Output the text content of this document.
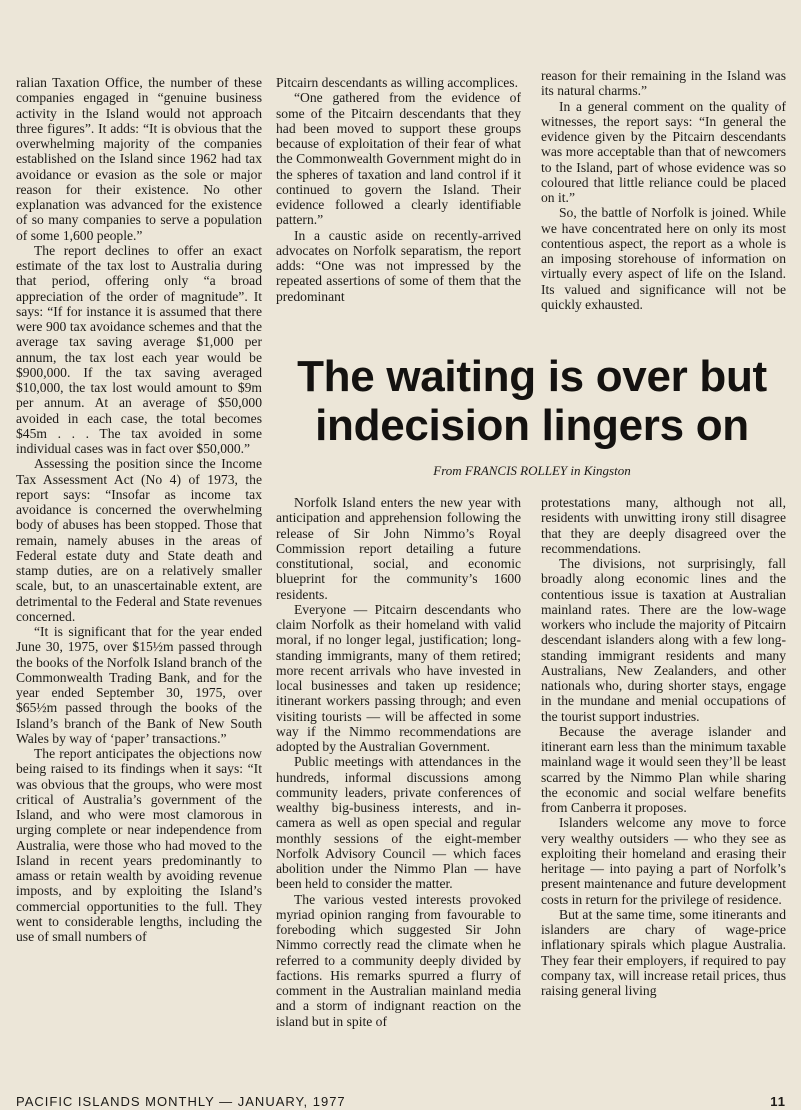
ralian Taxation Office, the number of these companies engaged in “genuine business activity in the Island would not approach three figures”. It adds: “It is obvious that the overwhelming majority of the companies established on the Island since 1962 had tax avoidance or evasion as the sole or major reason for their existence. No other explanation was advanced for the existence of so many companies to serve a population of some 1,600 people.”

The report declines to offer an exact estimate of the tax lost to Australia during that period, offering only “a broad appreciation of the order of magnitude”. It says: “If for instance it is assumed that there were 900 tax avoidance schemes and that the average tax saving average $1,000 per annum, the tax lost each year would be $900,000. If the tax saving averaged $10,000, the tax lost would amount to $9m per annum. At an average of $50,000 avoided in each case, the total becomes $45m . . . The tax avoided in some individual cases was in fact over $50,000.”

Assessing the position since the Income Tax Assessment Act (No 4) of 1973, the report says: “Insofar as income tax avoidance is concerned the overwhelming body of abuses has been stopped. Those that remain, namely abuses in the areas of Federal estate duty and State death and stamp duties, are on a relatively smaller scale, but, to an unascertainable extent, are detrimental to the Federal and State revenues concerned.

“It is significant that for the year ended June 30, 1975, over $15½m passed through the books of the Norfolk Island branch of the Commonwealth Trading Bank, and for the year ended September 30, 1975, over $65½m passed through the books of the Island’s branch of the Bank of New South Wales by way of ‘paper’ transactions.”

The report anticipates the objections now being raised to its findings when it says: “It was obvious that the groups, who were most critical of Australia’s government of the Island, and who were most clamorous in urging complete or near independence from Australia, were those who had moved to the Island in recent years predominantly to amass or retain wealth by avoiding revenue imposts, and by exploiting the Island’s commercial opportunities to the full. They went to considerable lengths, including the use of small numbers of

Pitcairn descendants as willing accomplices.

“One gathered from the evidence of some of the Pitcairn descendants that they had been moved to support these groups because of exploitation of their fear of what the Commonwealth Government might do in the spheres of taxation and land control if it continued to govern the Island. Their evidence followed a clearly identifiable pattern.”

In a caustic aside on recently-arrived advocates on Norfolk separatism, the report adds: “One was not impressed by the repeated assertions of some of them that the predominant

reason for their remaining in the Island was its natural charms.”

In a general comment on the quality of witnesses, the report says: “In general the evidence given by the Pitcairn descendants was more acceptable than that of newcomers to the Island, part of whose evidence was so coloured that little reliance could be placed on it.”

So, the battle of Norfolk is joined. While we have concentrated here on only its most contentious aspect, the report as a whole is an imposing storehouse of information on virtually every aspect of life on the Island. Its valued and significance will not be quickly exhausted.

The waiting is over but indecision lingers on

From FRANCIS ROLLEY in Kingston

Norfolk Island enters the new year with anticipation and apprehension following the release of Sir John Nimmo’s Royal Commission report detailing a future constitutional, social, and economic blueprint for the community’s 1600 residents.

Everyone — Pitcairn descendants who claim Norfolk as their homeland with valid moral, if no longer legal, justification; long-standing immigrants, many of them retired; more recent arrivals who have invested in local businesses and taken up residence; itinerant workers passing through; and even visiting tourists — will be affected in some way if the Nimmo recommendations are adopted by the Australian Government.

Public meetings with attendances in the hundreds, informal discussions among community leaders, private conferences of wealthy big-business interests, and in-camera as well as open special and regular monthly sessions of the eight-member Norfolk Advisory Council — which faces abolition under the Nimmo Plan — have been held to consider the matter.

The various vested interests provoked myriad opinion ranging from favourable to foreboding which suggested Sir John Nimmo correctly read the climate when he referred to a community deeply divided by factions. His remarks spurred a flurry of comment in the Australian mainland media and a storm of indignant reaction on the island but in spite of

protestations many, although not all, residents with unwitting irony still disagree that they are deeply disagreed over the recommendations.

The divisions, not surprisingly, fall broadly along economic lines and the contentious issue is taxation at Australian mainland rates. There are the low-wage workers who include the majority of Pitcairn descendant islanders along with a few long-standing immigrant residents and many Australians, New Zealanders, and other nationals who, during shorter stays, engage in the mundane and menial occupations of the tourist support industries.

Because the average islander and itinerant earn less than the minimum taxable mainland wage it would seen they’ll be least scarred by the Nimmo Plan while sharing the economic and social welfare benefits from Canberra it proposes.

Islanders welcome any move to force very wealthy outsiders — who they see as exploiting their homeland and erasing their heritage — into paying a part of Norfolk’s present maintenance and future development costs in return for the privilege of residence.

But at the same time, some itinerants and islanders are chary of wage-price inflationary spirals which plague Australia. They fear their employers, if required to pay company tax, will increase retail prices, thus raising general living

PACIFIC ISLANDS MONTHLY — JANUARY, 1977	11
